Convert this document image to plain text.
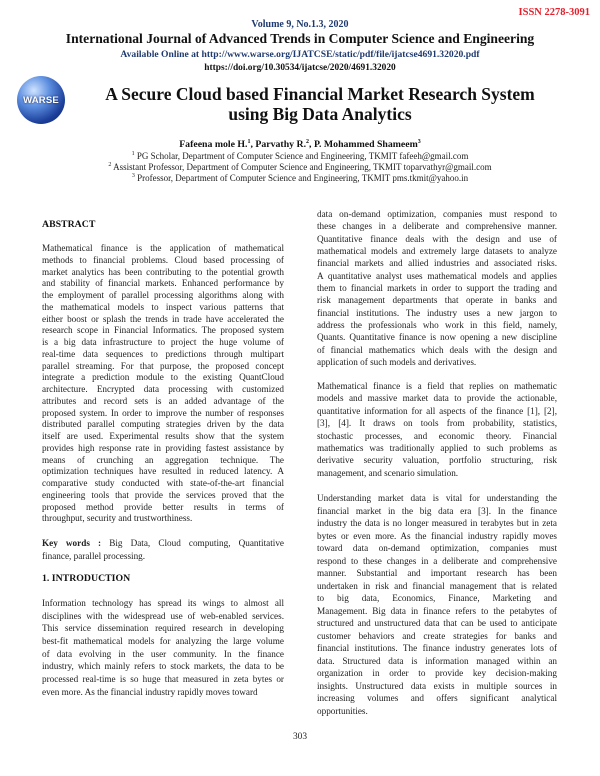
ISSN 2278-3091
Volume 9, No.1.3, 2020
International Journal of Advanced Trends in Computer Science and Engineering
Available Online at http://www.warse.org/IJATCSE/static/pdf/file/ijatcse4691.32020.pdf
https://doi.org/10.30534/ijatcse/2020/4691.32020
WARSE	A Secure Cloud based Financial Market Research System
using Big Data Analytics
Fafeena mole H.$^1$, Parvathy R.$^2$, P. Mohammed Shameem$^3$
$^1$ PG Scholar, Department of Computer Science and Engineering, TKMIT fafeeh@gmail.com
$^2$ Assistant Professor, Department of Computer Science and Engineering, TKMIT toparvathyr@gmail.com
$^3$ Professor, Department of Computer Science and Engineering, TKMIT pms.tkmit@yahoo.in
ABSTRACT
Mathematical finance is the application of mathematical
methods to financial problems. Cloud based processing of
market analytics has been contributing to the potential growth
and stability of financial markets. Enhanced performance by
the employment of parallel processing algorithms along with
the mathematical models to inspect various patterns that
either boost or splash the trends in trade have accelerated the
research scope in Financial Informatics. The proposed system
is a big data infrastructure to project the huge volume of
real-time data sequences to predictions through multipart
parallel streaming. For that purpose, the proposed concept
integrate a prediction module to the existing QuantCloud
architecture. Encrypted data processing with customized
attributes and record sets is an added advantage of the
proposed system. In order to improve the number of responses
distributed parallel computing strategies driven by the data
itself are used. Experimental results show that the system
provides high response rate in providing fastest assistance by
means of crunching an aggregation technique. The
optimization techniques have resulted in reduced latency. A
comparative study conducted with state-of-the-art financial
engineering tools that provide the services proved that the
proposed method provide better results in terms of
throughput, security and trustworthiness.
Key words : Big Data, Cloud computing, Quantitative
finance, parallel processing.
1. INTRODUCTION
Information technology has spread its wings to almost all
disciplines with the widespread use of web-enabled services.
This service dissemination required research in developing
best-fit mathematical models for analyzing the large volume
of data evolving in the user community. In the finance
industry, which mainly refers to stock markets, the data to be
processed real-time is so huge that measured in zeta bytes or
even more. As the financial industry rapidly moves toward
data on-demand optimization, companies must respond to
these changes in a deliberate and comprehensive manner.
Quantitative finance deals with the design and use of
mathematical models and extremely large datasets to analyze
financial markets and allied industries and associated risks.
A quantitative analyst uses mathematical models and applies
them to financial markets in order to support the trading and
risk management departments that operate in banks and
financial institutions. The industry uses a new jargon to
address the professionals who work in this field, namely,
Quants. Quantitative finance is now opening a new discipline
of financial mathematics which deals with the design and
application of such models and derivatives.
Mathematical finance is a field that replies on mathematic
models and massive market data to provide the actionable,
quantitative information for all aspects of the finance [1], [2],
[3], [4]. It draws on tools from probability, statistics,
stochastic processes, and economic theory. Financial
mathematics was traditionally applied to such problems as
derivative security valuation, portfolio structuring, risk
management, and scenario simulation.
Understanding market data is vital for understanding the
financial market in the big data era [3]. In the finance
industry the data is no longer measured in terabytes but in zeta
bytes or even more. As the financial industry rapidly moves
toward data on-demand optimization, companies must
respond to these changes in a deliberate and comprehensive
manner. Substantial and important research has been
undertaken in risk and financial management that is related
to big data, Economics, Finance, Marketing and
Management. Big data in finance refers to the petabytes of
structured and unstructured data that can be used to anticipate
customer behaviors and create strategies for banks and
financial institutions. The finance industry generates lots of
data. Structured data is information managed within an
organization in order to provide key decision-making
insights. Unstructured data exists in multiple sources in
increasing volumes and offers significant analytical
opportunities.
303
